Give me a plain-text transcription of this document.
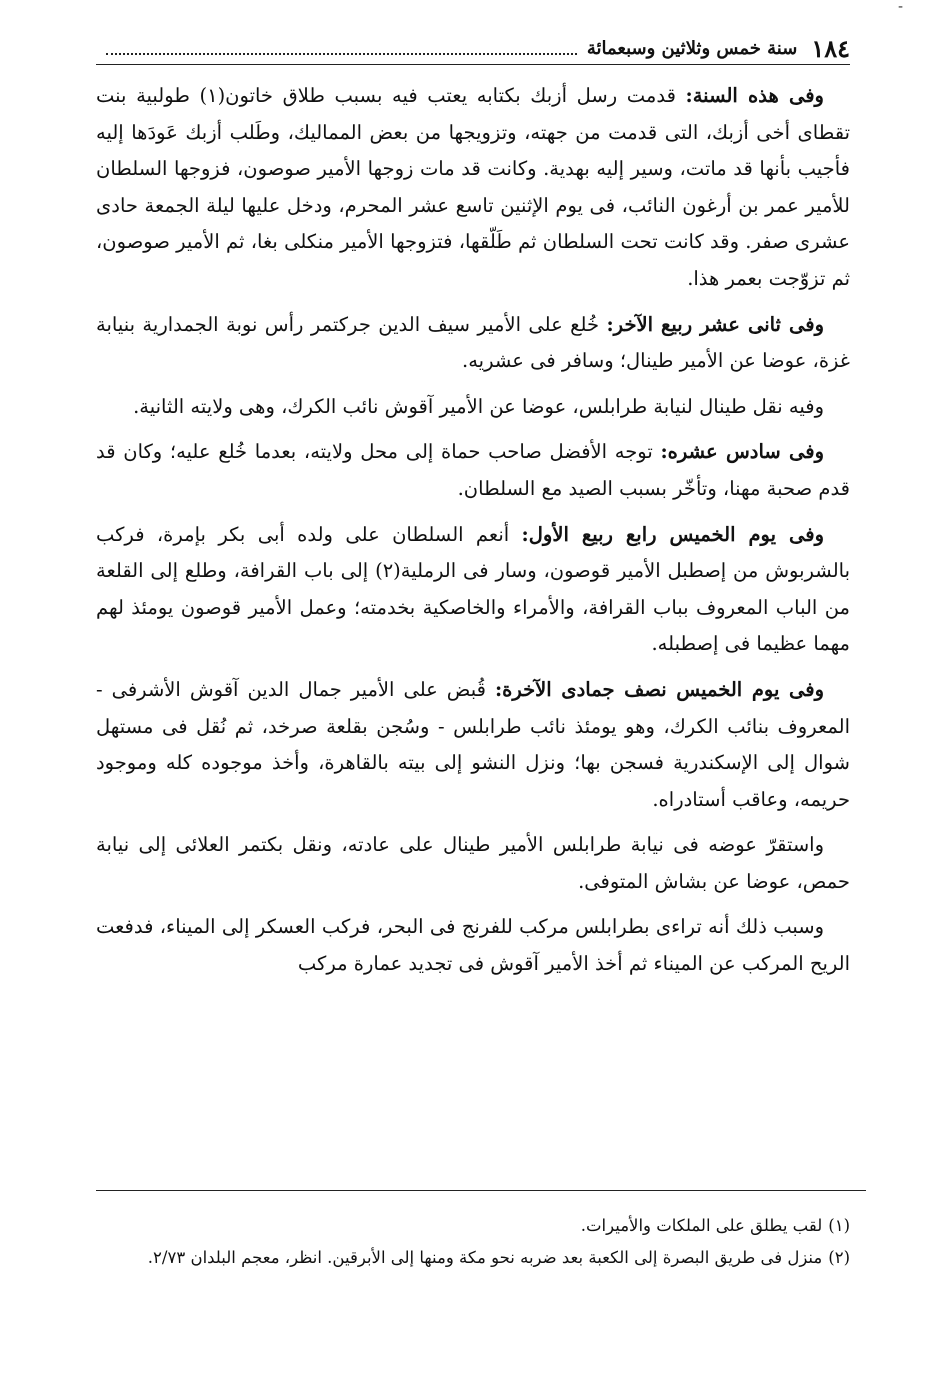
-
١٨٤
سنة خمس وثلاثين وسبعمائة

وفى هذه السنة: قدمت رسل أزبك بكتابه يعتب فيه بسبب طلاق خاتون(١) طولبية بنت تقطاى أخى أزبك، التى قدمت من جهته، وتزويجها من بعض المماليك، وطَلب أزبك عَودَها إليه فأجيب بأنها قد ماتت، وسير إليه بهدية. وكانت قد مات زوجها الأمير صوصون، فزوجها السلطان للأمير عمر بن أرغون النائب، فى يوم الإثنين تاسع عشر المحرم، ودخل عليها ليلة الجمعة حادى عشرى صفر. وقد كانت تحت السلطان ثم طَلّقها، فتزوجها الأمير منكلى بغا، ثم الأمير صوصون، ثم تزوّجت بعمر هذا.

وفى ثانى عشر ربيع الآخر: خُلع على الأمير سيف الدين جركتمر رأس نوبة الجمدارية بنيابة غزة، عوضا عن الأمير طينال؛ وسافر فى عشريه.

وفيه نقل طينال لنيابة طرابلس، عوضا عن الأمير آقوش نائب الكرك، وهى ولايته الثانية.

وفى سادس عشره: توجه الأفضل صاحب حماة إلى محل ولايته، بعدما خُلع عليه؛ وكان قد قدم صحبة مهنا، وتأخّر بسبب الصيد مع السلطان.

وفى يوم الخميس رابع ربيع الأول: أنعم السلطان على ولده أبى بكر بإمرة، فركب بالشربوش من إصطبل الأمير قوصون، وسار فى الرملية(٢) إلى باب القرافة، وطلع إلى القلعة من الباب المعروف بباب القرافة، والأمراء والخاصكية بخدمته؛ وعمل الأمير قوصون يومئذ لهم مهما عظيما فى إصطبله.

وفى يوم الخميس نصف جمادى الآخرة: قُبض على الأمير جمال الدين آقوش الأشرفى - المعروف بنائب الكرك، وهو يومئذ نائب طرابلس - وسُجن بقلعة صرخد، ثم نُقل فى مستهل شوال إلى الإسكندرية فسجن بها؛ ونزل النشو إلى بيته بالقاهرة، وأخذ موجوده كله وموجود حريمه، وعاقب أستادراه.

واستقرّ عوضه فى نيابة طرابلس الأمير طينال على عادته، ونقل بكتمر العلائى إلى نيابة حمص، عوضا عن بشاش المتوفى.

وسبب ذلك أنه تراءى بطرابلس مركب للفرنج فى البحر، فركب العسكر إلى الميناء، فدفعت الريح المركب عن الميناء ثم أخذ الأمير آقوش فى تجديد عمارة مركب

(١)لقب يطلق على الملكات والأميرات.

(٢)منزل فى طريق البصرة إلى الكعبة بعد ضربه نحو مكة ومنها إلى الأبرقين. انظر، معجم البلدان ٢/٧٣.
